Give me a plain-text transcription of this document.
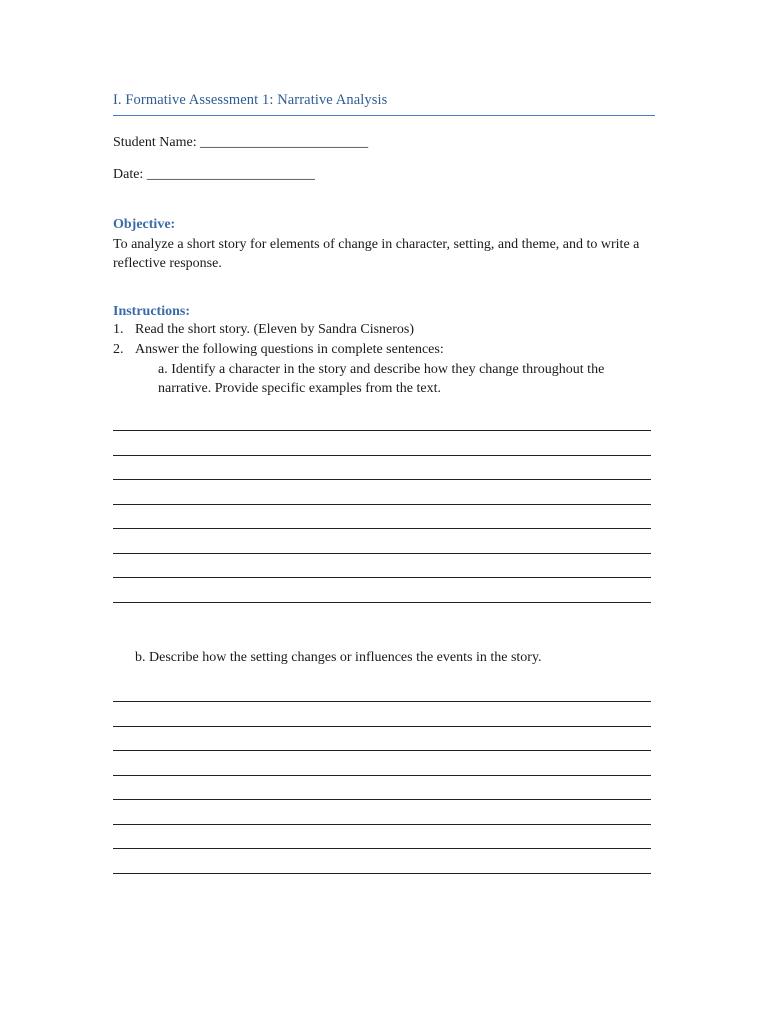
I. Formative Assessment 1: Narrative Analysis
Student Name: ________________________
Date: ________________________
Objective:
To analyze a short story for elements of change in character, setting, and theme, and to write a reflective response.
Instructions:
1. Read the short story. (Eleven by Sandra Cisneros)
2. Answer the following questions in complete sentences:
a. Identify a character in the story and describe how they change throughout the narrative. Provide specific examples from the text.
b. Describe how the setting changes or influences the events in the story.
